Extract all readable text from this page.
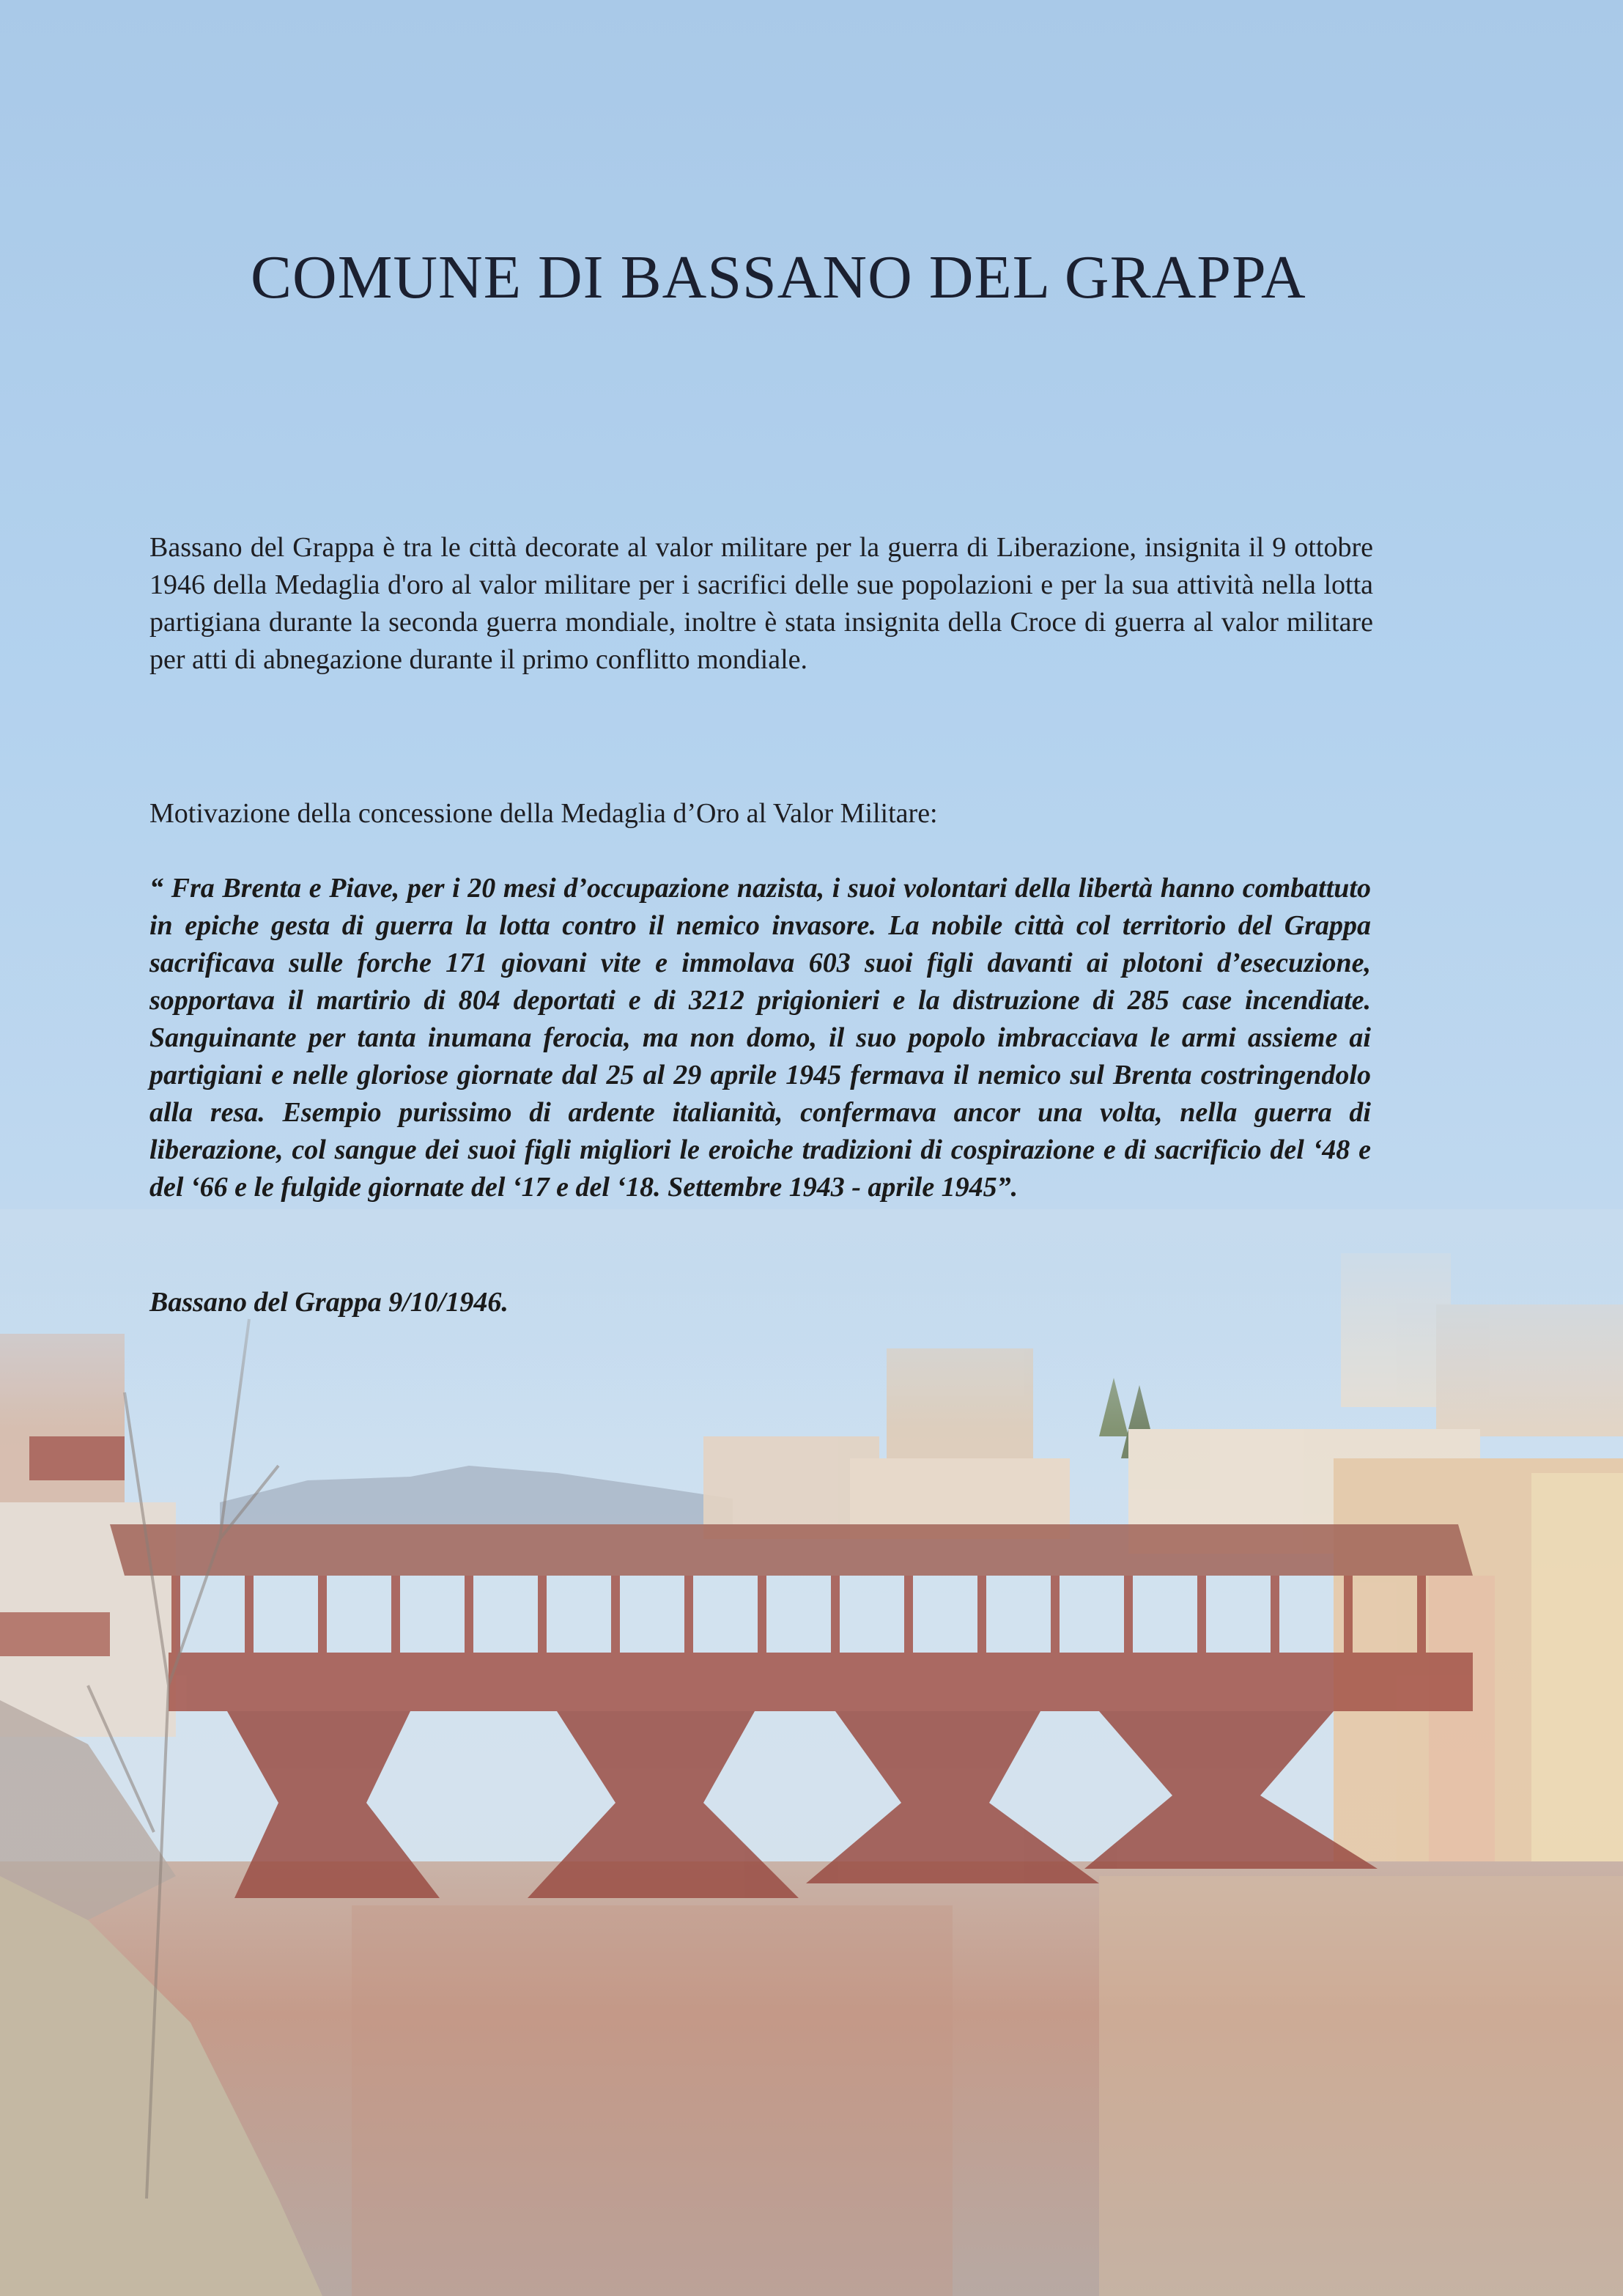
COMUNE DI BASSANO DEL GRAPPA
Bassano del Grappa è tra le città decorate al valor militare per la guerra di Liberazione, insignita il 9 ottobre 1946 della Medaglia d'oro al valor militare per i sacrifici delle sue popolazioni e per la sua attività nella lotta partigiana durante la seconda guerra mondiale, inoltre è stata insignita della Croce di guerra al valor militare per atti di abnegazione durante il primo conflitto mondiale.
Motivazione della concessione della Medaglia d’Oro al Valor Militare:
“ Fra Brenta e Piave, per i 20 mesi d’occupazione nazista, i suoi volontari della libertà hanno combattuto in epiche gesta di guerra la lotta contro il nemico invasore. La nobile città col territorio del Grappa sacrificava sulle forche 171 giovani vite e immolava 603 suoi figli davanti ai plotoni d’esecuzione, sopportava il martirio di 804 deportati e di 3212 prigionieri e la distruzione di 285 case incendiate. Sanguinante per tanta inumana ferocia, ma non domo, il suo popolo imbracciava le armi assieme ai partigiani e nelle gloriose giornate dal 25 al 29 aprile 1945 fermava il nemico sul Brenta costringendolo alla resa. Esempio purissimo di ardente italianità, confermava ancor una volta, nella guerra di liberazione, col sangue dei suoi figli migliori le eroiche tradizioni di cospirazione e di sacrificio del ‘48 e del ‘66 e le fulgide giornate del ‘17 e del ‘18. Settembre 1943 - aprile 1945”.
Bassano del Grappa 9/10/1946.
